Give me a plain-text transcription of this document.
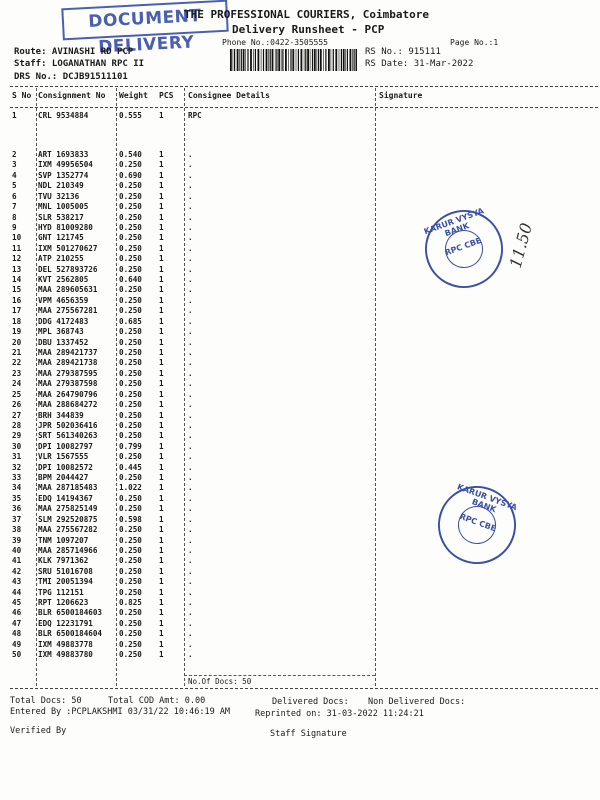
DOCUMENT DELIVERY
THE PROFESSIONAL COURIERS, Coimbatore
Delivery Runsheet - PCP
Phone No.:0422-3505555	Page No.:1
Route: AVINASHI RD PCP
Staff: LOGANATHAN RPC II
DRS No.: DCJB91511101
RS No.: 915111
RS Date: 31-Mar-2022
S No Consignment No Weight PCS Consignee Details	Signature
1	CRL 9534884	0.555 1	RPC
2	ART 1693833	0.540 1	.
3	IXM 49956504	0.250 1	.
4	SVP 1352774	0.690 1	.
5	NDL 210349	0.250 1	.
6	TVU 32136	0.250 1	.
7	MNL 1005005	0.250 1	.
8	SLR 538217	0.250 1	.
9	HYD 81009280	0.250 1	.
10 GNT 121745	0.250 1	.
11 IXM 501270627	0.250 1	.
12 ATP 210255	0.250 1	.
13 DEL 527893726	0.250 1	.
14 KVT 2562805	0.640 1	.
15 MAA 289605631	0.250 1	.
16 VPM 4656359	0.250 1	.
17 MAA 275567281	0.250 1	.
18 DDG 4172483	0.685 1	.
19 MPL 368743	0.250 1	.
20 DBU 1337452	0.250 1	.
21 MAA 289421737	0.250 1	.
22 MAA 289421738	0.250 1	.
23 MAA 279387595	0.250 1	.
24 MAA 279387598	0.250 1	.
25 MAA 264790796	0.250 1	.
26 MAA 288684272	0.250 1	.
27 BRH 344839	0.250 1	.
28 JPR 502036416	0.250 1	.
29 SRT 561340263	0.250 1	.
30 DPI 10082797	0.799 1	.
31 VLR 1567555	0.250 1	.
32 DPI 10082572	0.445 1	.
33 BPM 2044427	0.250 1	.
34 MAA 287185483	1.022 1	.
35 EDQ 14194367	0.250 1	.
36 MAA 275825149	0.250 1	.
37 SLM 292520875	0.598 1	.
38 MAA 275567282	0.250 1	.
39 TNM 1097207	0.250 1	.
40 MAA 285714966	0.250 1	.
41 KLK 7971362	0.250 1	.
42 SRU 51016708	0.250 1	.
43 TMI 20051394	0.250 1	.
44 TPG 112151	0.250 1	.
45 RPT 1206623	0.825 1	.
46 BLR 6500184603 0.250 1	.
47 EDQ 12231791	0.250 1	.
48 BLR 6500184604 0.250 1	.
49 IXM 49883778	0.250 1	.
50 IXM 49883780	0.250 1	.
No.Of Docs: 50
Total Docs: 50	Total COD Amt: 0.00	Delivered Docs: Non Delivered Docs:
Entered By :PCPLAKSHMI 03/31/22 10:46:19 AM	Reprinted on: 31-03-2022 11:24:21
Verified By	Staff Signature
KARUR VYSYA BANK
RPC CBE
KARUR VYSYA BANK
RPC CBE
11.50
